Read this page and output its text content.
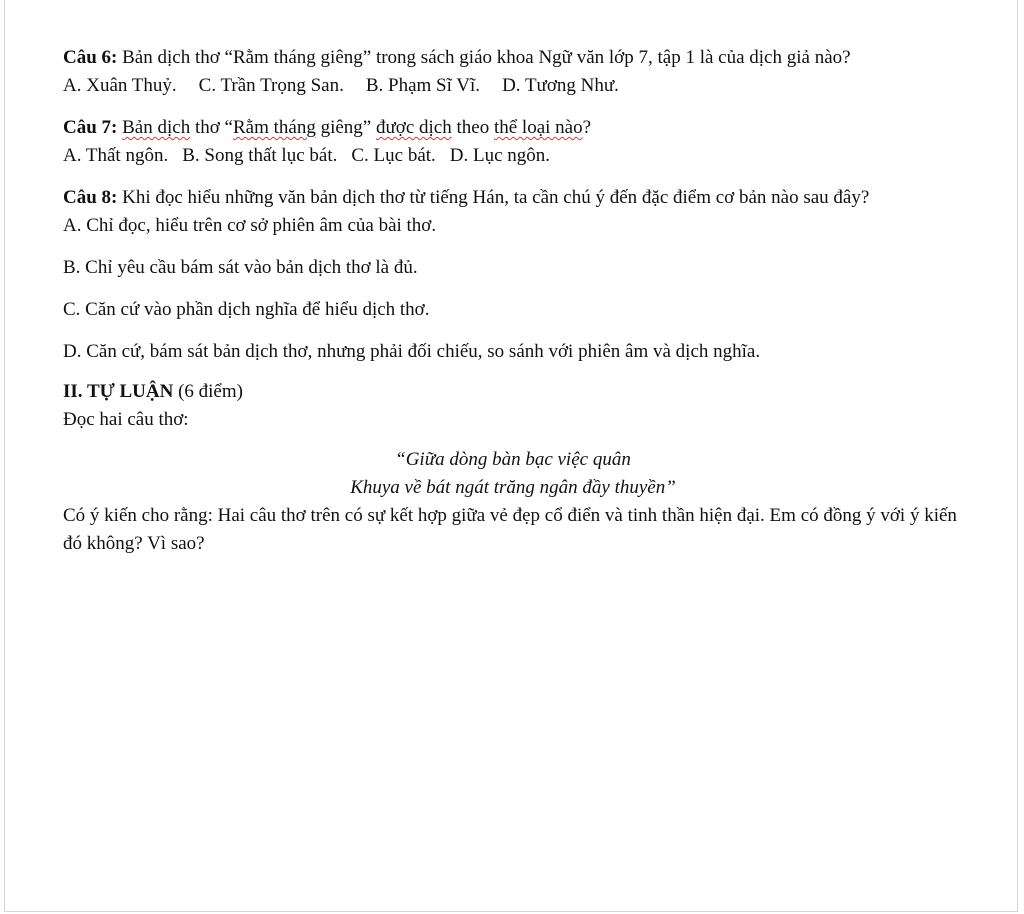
Câu 6: Bản dịch thơ “Rằm tháng giêng” trong sách giáo khoa Ngữ văn lớp 7, tập 1 là của dịch giả nào?

A. Xuân Thuỷ. C. Trần Trọng San. B. Phạm Sĩ Vĩ. D. Tương Như.

Câu 7: Bản dịch thơ “Rằm tháng giêng” được dịch theo thể loại nào?

A. Thất ngôn. B. Song thất lục bát. C. Lục bát. D. Lục ngôn.

Câu 8: Khi đọc hiểu những văn bản dịch thơ từ tiếng Hán, ta cần chú ý đến đặc điểm cơ bản nào sau đây?

A. Chỉ đọc, hiểu trên cơ sở phiên âm của bài thơ.

B. Chỉ yêu cầu bám sát vào bản dịch thơ là đủ.

C. Căn cứ vào phần dịch nghĩa để hiểu dịch thơ.

D. Căn cứ, bám sát bản dịch thơ, nhưng phải đối chiếu, so sánh với phiên âm và dịch nghĩa.

II. TỰ LUẬN (6 điểm)

Đọc hai câu thơ:

“Giữa dòng bàn bạc việc quân

Khuya về bát ngát trăng ngân đầy thuyền”

Có ý kiến cho rằng: Hai câu thơ trên có sự kết hợp giữa vẻ đẹp cổ điển và tinh thần hiện đại. Em có đồng ý với ý kiến đó không? Vì sao?
